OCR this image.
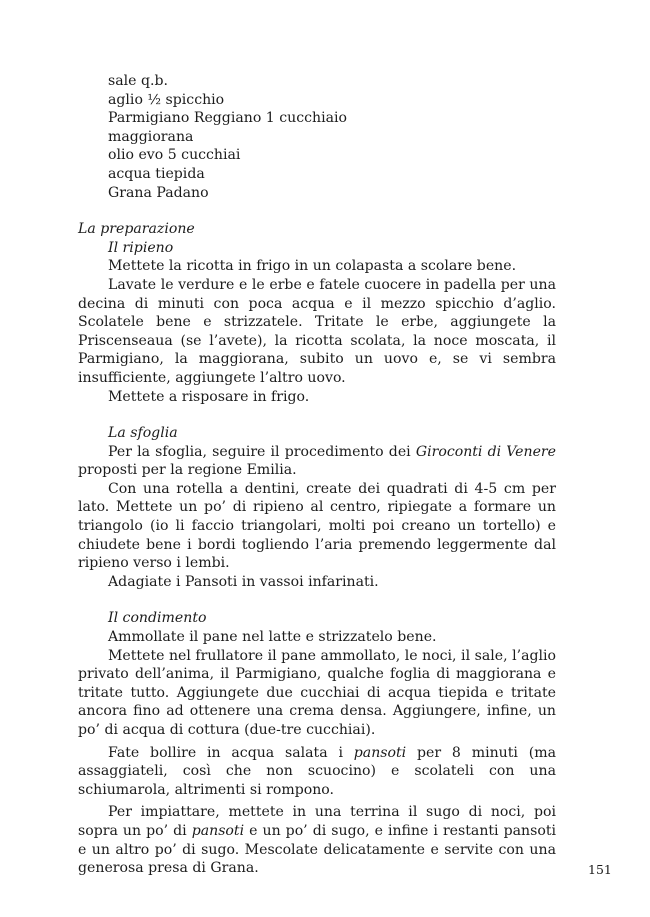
sale q.b.
aglio ½ spicchio
Parmigiano Reggiano 1 cucchiaio
maggiorana
olio evo 5 cucchiai
acqua tiepida
Grana Padano
La preparazione
Il ripieno

Mettete la ricotta in frigo in un colapasta a scolare bene.

Lavate le verdure e le erbe e fatele cuocere in padella per una decina di minuti con poca acqua e il mezzo spicchio d’aglio. Scolatele bene e strizzatele. Tritate le erbe, aggiungete la Priscenseaua (se l’avete), la ricotta scolata, la noce moscata, il Parmigiano, la maggiorana, subito un uovo e, se vi sembra insufficiente, aggiungete l’altro uovo.

Mettete a risposare in frigo.

La sfoglia

Per la sfoglia, seguire il procedimento dei Giroconti di Venere proposti per la regione Emilia.

Con una rotella a dentini, create dei quadrati di 4-5 cm per lato. Mettete un po’ di ripieno al centro, ripiegate a formare un triangolo (io li faccio triangolari, molti poi creano un tortello) e chiudete bene i bordi togliendo l’aria premendo leggermente dal ripieno verso i lembi.

Adagiate i Pansoti in vassoi infarinati.

Il condimento

Ammollate il pane nel latte e strizzatelo bene.

Mettete nel frullatore il pane ammollato, le noci, il sale, l’aglio privato dell’anima, il Parmigiano, qualche foglia di maggiorana e tritate tutto. Aggiungete due cucchiai di acqua tiepida e tritate ancora fino ad ottenere una crema densa. Aggiungere, infine, un po’ di acqua di cottura (due-tre cucchiai).

Fate bollire in acqua salata i pansoti per 8 minuti (ma assaggiateli, così che non scuocino) e scolateli con una schiumarola, altrimenti si rompono.

Per impiattare, mettete in una terrina il sugo di noci, poi sopra un po’ di pansoti e un po’ di sugo, e infine i restanti pansoti e un altro po’ di sugo. Mescolate delicatamente e servite con una generosa presa di Grana.	151
